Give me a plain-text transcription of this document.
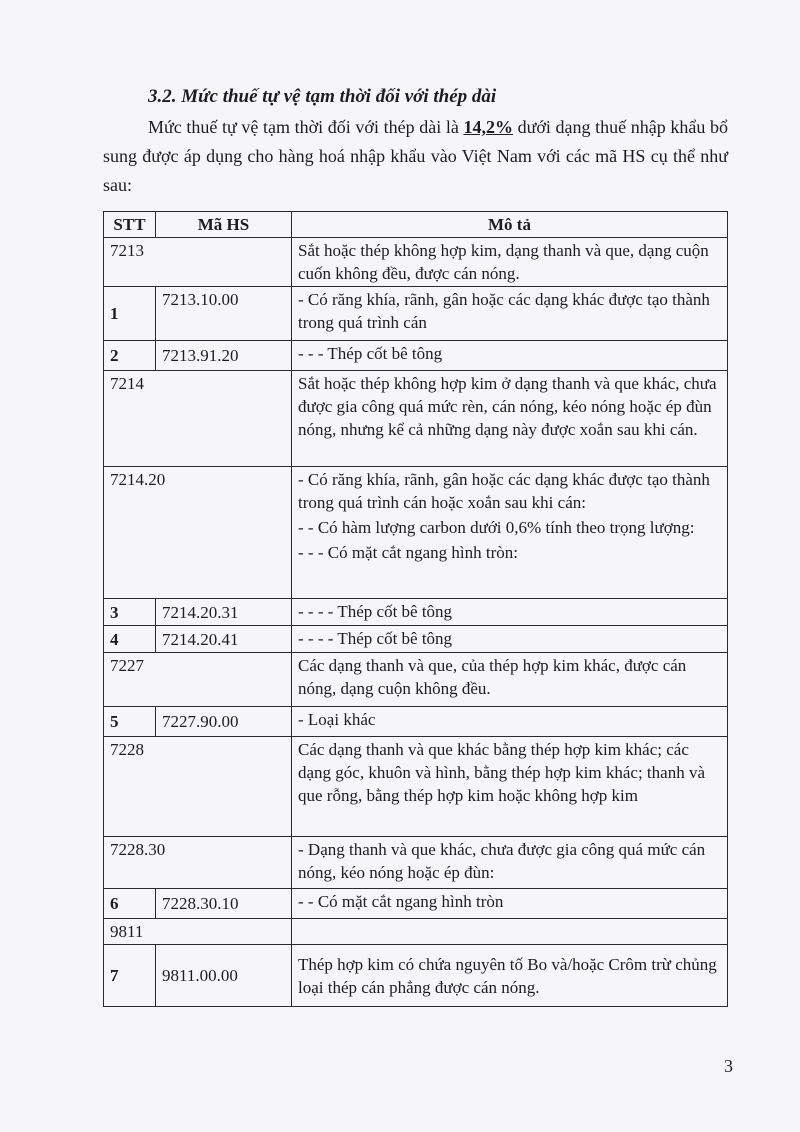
3.2. Mức thuế tự vệ tạm thời đối với thép dài

Mức thuế tự vệ tạm thời đối với thép dài là 14,2% dưới dạng thuế nhập khẩu bổ sung được áp dụng cho hàng hoá nhập khẩu vào Việt Nam với các mã HS cụ thể như sau:

STT	Mã HS	Mô tả
7213		Sắt hoặc thép không hợp kim, dạng thanh và que, dạng cuộn cuốn không đều, được cán nóng.
1	7213.10.00	- Có răng khía, rãnh, gân hoặc các dạng khác được tạo thành trong quá trình cán
2	7213.91.20	- - - Thép cốt bê tông
7214		Sắt hoặc thép không hợp kim ở dạng thanh và que khác, chưa được gia công quá mức rèn, cán nóng, kéo nóng hoặc ép đùn nóng, nhưng kể cả những dạng này được xoắn sau khi cán.
7214.20		- Có răng khía, rãnh, gân hoặc các dạng khác được tạo thành trong quá trình cán hoặc xoắn sau khi cán:
- - Có hàm lượng carbon dưới 0,6% tính theo trọng lượng:
- - - Có mặt cắt ngang hình tròn:

3	7214.20.31	- - - - Thép cốt bê tông
4	7214.20.41	- - - - Thép cốt bê tông
7227		Các dạng thanh và que, của thép hợp kim khác, được cán nóng, dạng cuộn không đều.
5	7227.90.00	- Loại khác
7228		Các dạng thanh và que khác bằng thép hợp kim khác; các dạng góc, khuôn và hình, bằng thép hợp kim khác; thanh và que rỗng, bằng thép hợp kim hoặc không hợp kim
7228.30		- Dạng thanh và que khác, chưa được gia công quá mức cán nóng, kéo nóng hoặc ép đùn:
6	7228.30.10	- - Có mặt cắt ngang hình tròn
9811		
7	9811.00.00	Thép hợp kim có chứa nguyên tố Bo và/hoặc Crôm trừ chủng loại thép cán phẳng được cán nóng.
3
